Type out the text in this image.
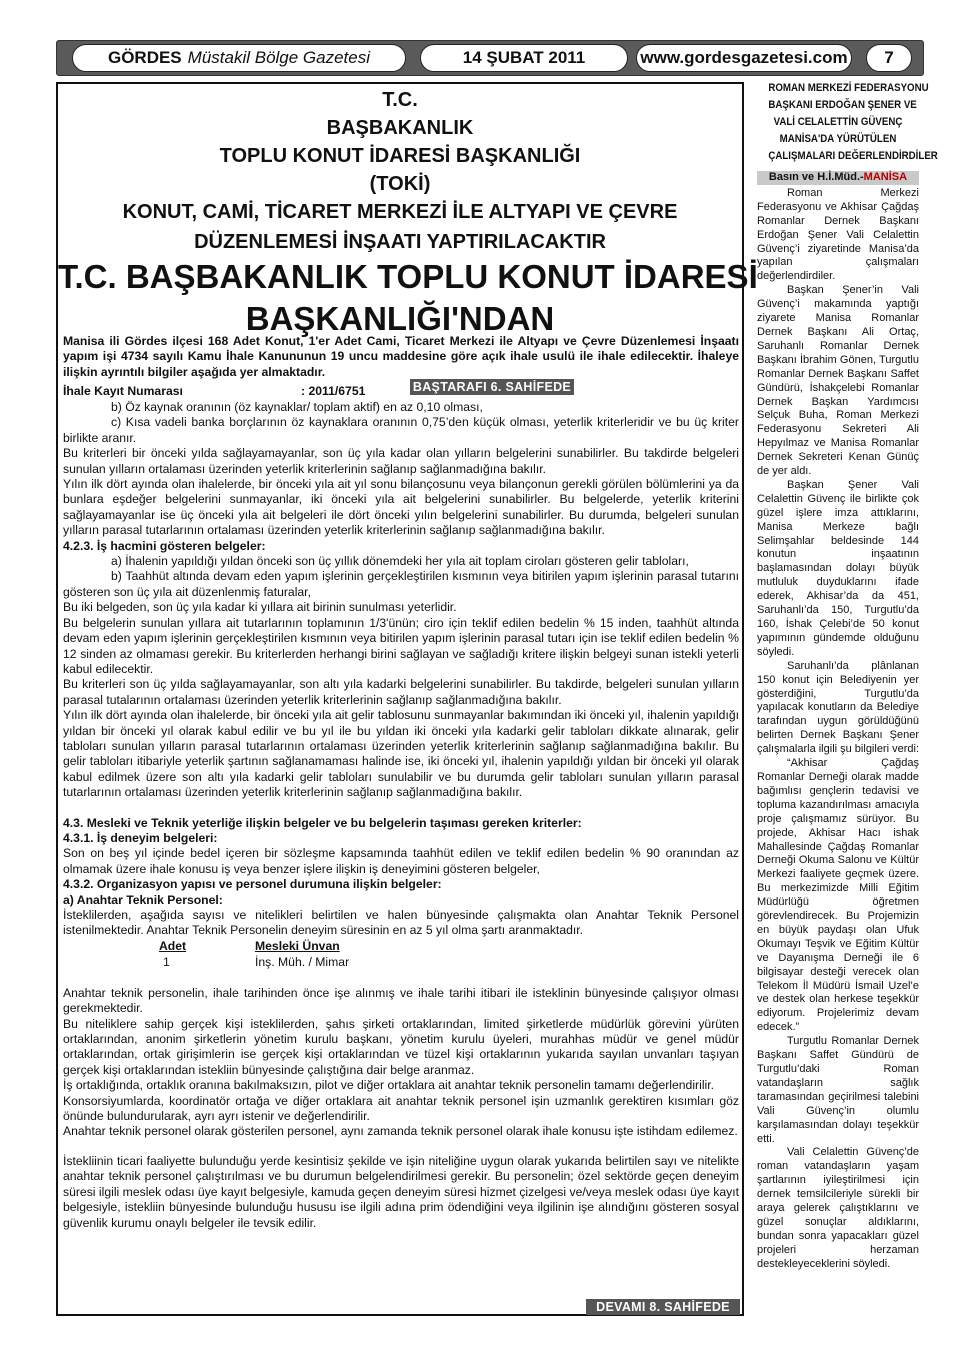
GÖRDES Müstakil Bölge Gazetesi	14 ŞUBAT 2011	www.gordesgazetesi.com 7
T.C.
BAŞBAKANLIK
TOPLU KONUT İDARESİ BAŞKANLIĞI
(TOKİ)
KONUT, CAMİ, TİCARET MERKEZİ İLE ALTYAPI VE ÇEVRE
DÜZENLEMESİ İNŞAATI YAPTIRILACAKTIR
T.C. BAŞBAKANLIK TOPLU KONUT İDARESİ
BAŞKANLIĞI'NDAN
Manisa ili Gördes ilçesi 168 Adet Konut, 1'er Adet Cami, Ticaret Merkezi ile Altyapı ve Çevre Düzenlemesi İnşaatı yapım işi 4734 sayılı Kamu İhale Kanununun 19 uncu maddesine göre açık ihale usulü ile ihale edilecektir. İhaleye ilişkin ayrıntılı bilgiler aşağıda yer almaktadır.
İhale Kayıt Numarası	: 2011/6751	BAŞTARAFI 6. SAHİFEDE
b) Öz kaynak oranının (öz kaynaklar/ toplam aktif) en az 0,10 olması,
c) Kısa vadeli banka borçlarının öz kaynaklara oranının 0,75’den küçük olması, yeterlik kriterleridir ve bu üç kriter birlikte aranır.
Bu kriterleri bir önceki yılda sağlayamayanlar, son üç yıla kadar olan yılların belgelerini sunabilirler. Bu takdirde belgeleri sunulan yılların ortalaması üzerinden yeterlik kriterlerinin sağlanıp sağlanmadığına bakılır.
Yılın ilk dört ayında olan ihalelerde, bir önceki yıla ait yıl sonu bilançosunu veya bilançonun gerekli görülen bölümlerini ya da bunlara eşdeğer belgelerini sunmayanlar, iki önceki yıla ait belgelerini sunabilirler. Bu belgelerde, yeterlik kriterini sağlayamayanlar ise üç önceki yıla ait belgeleri ile dört önceki yılın belgelerini sunabilirler. Bu durumda, belgeleri sunulan yılların parasal tutarlarının ortalaması üzerinden yeterlik kriterlerinin sağlanıp sağlanmadığına bakılır.
4.2.3. İş hacmini gösteren belgeler:
a) İhalenin yapıldığı yıldan önceki son üç yıllık dönemdeki her yıla ait toplam ciroları gösteren gelir tabloları,
b) Taahhüt altında devam eden yapım işlerinin gerçekleştirilen kısmının veya bitirilen yapım işlerinin parasal tutarını gösteren son üç yıla ait düzenlenmiş faturalar,
Bu iki belgeden, son üç yıla kadar ki yıllara ait birinin sunulması yeterlidir.
Bu belgelerin sunulan yıllara ait tutarlarının toplamının 1/3'ünün; cirо için teklif edilen bedelin % 15 inden, taahhüt altında devam eden yapım işlerinin gerçekleştirilen kısmının veya bitirilen yapım işlerinin parasal tutarı için ise teklif edilen bedelin % 12 sinden az olmaması gerekir. Bu kriterlerden herhangi birini sağlayan ve sağladığı kritere ilişkin belgeyi sunan istekli yeterli kabul edilecektir.
Bu kriterleri son üç yılda sağlayamayanlar, son altı yıla kadarki belgelerini sunabilirler. Bu takdirde, belgeleri sunulan yılların parasal tutalarının ortalaması üzerinden yeterlik kriterlerinin sağlanıp sağlanmadığına bakılır.
Yılın ilk dört ayında olan ihalelerde, bir önceki yıla ait gelir tablosunu sunmayanlar bakımından iki önceki yıl, ihalenin yapıldığı yıldan bir önceki yıl olarak kabul edilir ve bu yıl ile bu yıldan iki önceki yıla kadarki gelir tabloları dikkate alınarak, gelir tabloları sunulan yılların parasal tutarlarının ortalaması üzerinden yeterlik kriterlerinin sağlanıp sağlanmadığına bakılır. Bu gelir tabloları itibariyle yeterlik şartının sağlanamaması halinde ise, iki önceki yıl, ihalenin yapıldığı yıldan bir önceki yıl olarak kabul edilmek üzere son altı yıla kadarki gelir tabloları sunulabilir ve bu durumda gelir tabloları sunulan yılların parasal tutarlarının ortalaması üzerinden yeterlik kriterlerinin sağlanıp sağlanmadığına bakılır.
4.3. Mesleki ve Teknik yeterliğe ilişkin belgeler ve bu belgelerin taşıması gereken kriterler:
4.3.1. İş deneyim belgeleri:
Son on beş yıl içinde bedel içeren bir sözleşme kapsamında taahhüt edilen ve teklif edilen bedelin % 90 oranından az olmamak üzere ihale konusu iş veya benzer işlere ilişkin iş deneyimini gösteren belgeler,
4.3.2. Organizasyon yapısı ve personel durumuna ilişkin belgeler:
a) Anahtar Teknik Personel:
İsteklilerden, aşağıda sayısı ve nitelikleri belirtilen ve halen bünyesinde çalışmakta olan Anahtar Teknik Personel istenilmektedir. Anahtar Teknik Personelin deneyim süresinin en az 5 yıl olma şartı aranmaktadır.
Adet	Mesleki Ünvan
1	İnş. Müh. / Mimar
Anahtar teknik personelin, ihale tarihinden önce işe alınmış ve ihale tarihi itibari ile isteklinin bünyesinde çalışıyor olması gerekmektedir.
Bu niteliklere sahip gerçek kişi isteklilerden, şahıs şirketi ortaklarından, limited şirketlerde müdürlük görevini yürüten ortaklarından, anonim şirketlerin yönetim kurulu başkanı, yönetim kurulu üyeleri, murahhas müdür ve genel müdür ortaklarından, ortak girişimlerin ise gerçek kişi ortaklarından ve tüzel kişi ortaklarının yukarıda sayılan unvanları taşıyan gerçek kişi ortaklarından istekliin bünyesinde çalıştığına dair belge aranmaz.
İş ortaklığında, ortaklık oranına bakılmaksızın, pilot ve diğer ortaklara ait anahtar teknik personelin tamamı değerlendirilir.
Konsorsiyumlarda, koordinatör ortağa ve diğer ortaklara ait anahtar teknik personel işin uzmanlık gerektiren kısımları göz önünde bulundurularak, ayrı ayrı istenir ve değerlendirilir.
Anahtar teknik personel olarak gösterilen personel, aynı zamanda teknik personel olarak ihale konusu işte istihdam edilemez.
İstekliinin ticari faaliyette bulunduğu yerde kesintisiz şekilde ve işin niteliğine uygun olarak yukarıda belirtilen sayı ve nitelikte anahtar teknik personel çalıştırılması ve bu durumun belgelendirilmesi gerekir. Bu personelin; özel sektörde geçen deneyim süresi ilgili meslek odası üye kayıt belgesiyle, kamuda geçen deneyim süresi hizmet çizelgesi ve/veya meslek odası üye kayıt belgesiyle, istekliin bünyesinde bulunduğu hususu ise ilgili adına prim ödendiğini veya ilgilinin işe alındığını gösteren sosyal güvenlik kurumu onaylı belgeler ile tevsik edilir.
DEVAMI 8. SAHİFEDE
ROMAN MERKEZİ FEDERASYONU
BAŞKANI ERDOĞAN ŞENER VE
VALİ CELALETTİN GÜVENÇ
MANİSA'DA YÜRÜTÜLEN
ÇALIŞMALARI DEĞERLENDİRDİLER
Basın ve H.İ.Müd.-MANİSA
Roman Merkezi Federasyonu ve Akhisar Çağdaş Romanlar Dernek Başkanı Erdoğan Şener Vali Celalettin Güvenç’i ziyaretinde Manisa’da yapılan çalışmaları değerlendirdiler.
Başkan Şener’in Vali Güvenç’i makamında yaptığı ziyarete Manisa Romanlar Dernek Başkanı Ali Ortaç, Saruhanlı Romanlar Dernek Başkanı İbrahim Gönen, Turgutlu Romanlar Dernek Başkanı Saffet Gündürü, İshakçelebi Romanlar Dernek Başkan Yardımcısı Selçuk Buha, Roman Merkezi Federasyonu Sekreteri Ali Hepyılmaz ve Manisa Romanlar Dernek Sekreteri Kenan Günüç de yer aldı.
Başkan Şener Vali Celalettin Güvenç ile birlikte çok güzel işlere imza attıklarını, Manisa Merkeze bağlı Selimşahlar beldesinde 144 konutun inşaatının başlamasından dolayı büyük mutluluk duyduklarını ifade ederek, Akhisar’da da 451, Saruhanlı’da 150, Turgutlu’da 160, İshak Çelebi’de 50 konut yapımının gündemde olduğunu söyledi.
Saruhanlı’da plânlanan 150 konut için Belediyenin yer gösterdiğini, Turgutlu’da yapılacak konutların da Belediye tarafından uygun görüldüğünü belirten Dernek Başkanı Şener çalışmalarla ilgili şu bilgileri verdi:
“Akhisar Çağdaş Romanlar Derneği olarak madde bağımlısı gençlerin tedavisi ve topluma kazandırılması amacıyla proje çalışmamız sürüyor. Bu projede, Akhisar Hacı ishak Mahallesinde Çağdaş Romanlar Derneği Okuma Salonu ve Kültür Merkezi faaliyete geçmek üzere. Bu merkezimizde Milli Eğitim Müdürlüğü öğretmen görevlendirecek. Bu Projemizin en büyük paydaşı olan Ufuk Okumayı Teşvik ve Eğitim Kültür ve Dayanışma Derneği ile 6 bilgisayar desteği verecek olan Telekom İl Müdürü İsmail Uzel’e ve destek olan herkese teşekkür ediyorum. Projelerimiz devam edecek.”
Turgutlu Romanlar Dernek Başkanı Saffet Gündürü de Turgutlu’daki Roman vatandaşların sağlık taramasından geçirilmesi talebini Vali Güvenç’in olumlu karşılamasından dolayı teşekkür etti.
Vali Celalettin Güvenç’de roman vatandaşların yaşam şartlarının iyileştirilmesi için dernek temsilcileriyle sürekli bir araya gelerek çalıştıklarını ve güzel sonuçlar aldıklarını, bundan sonra yapacakları güzel projeleri herzaman desteklеyeceklerini söyledi.
